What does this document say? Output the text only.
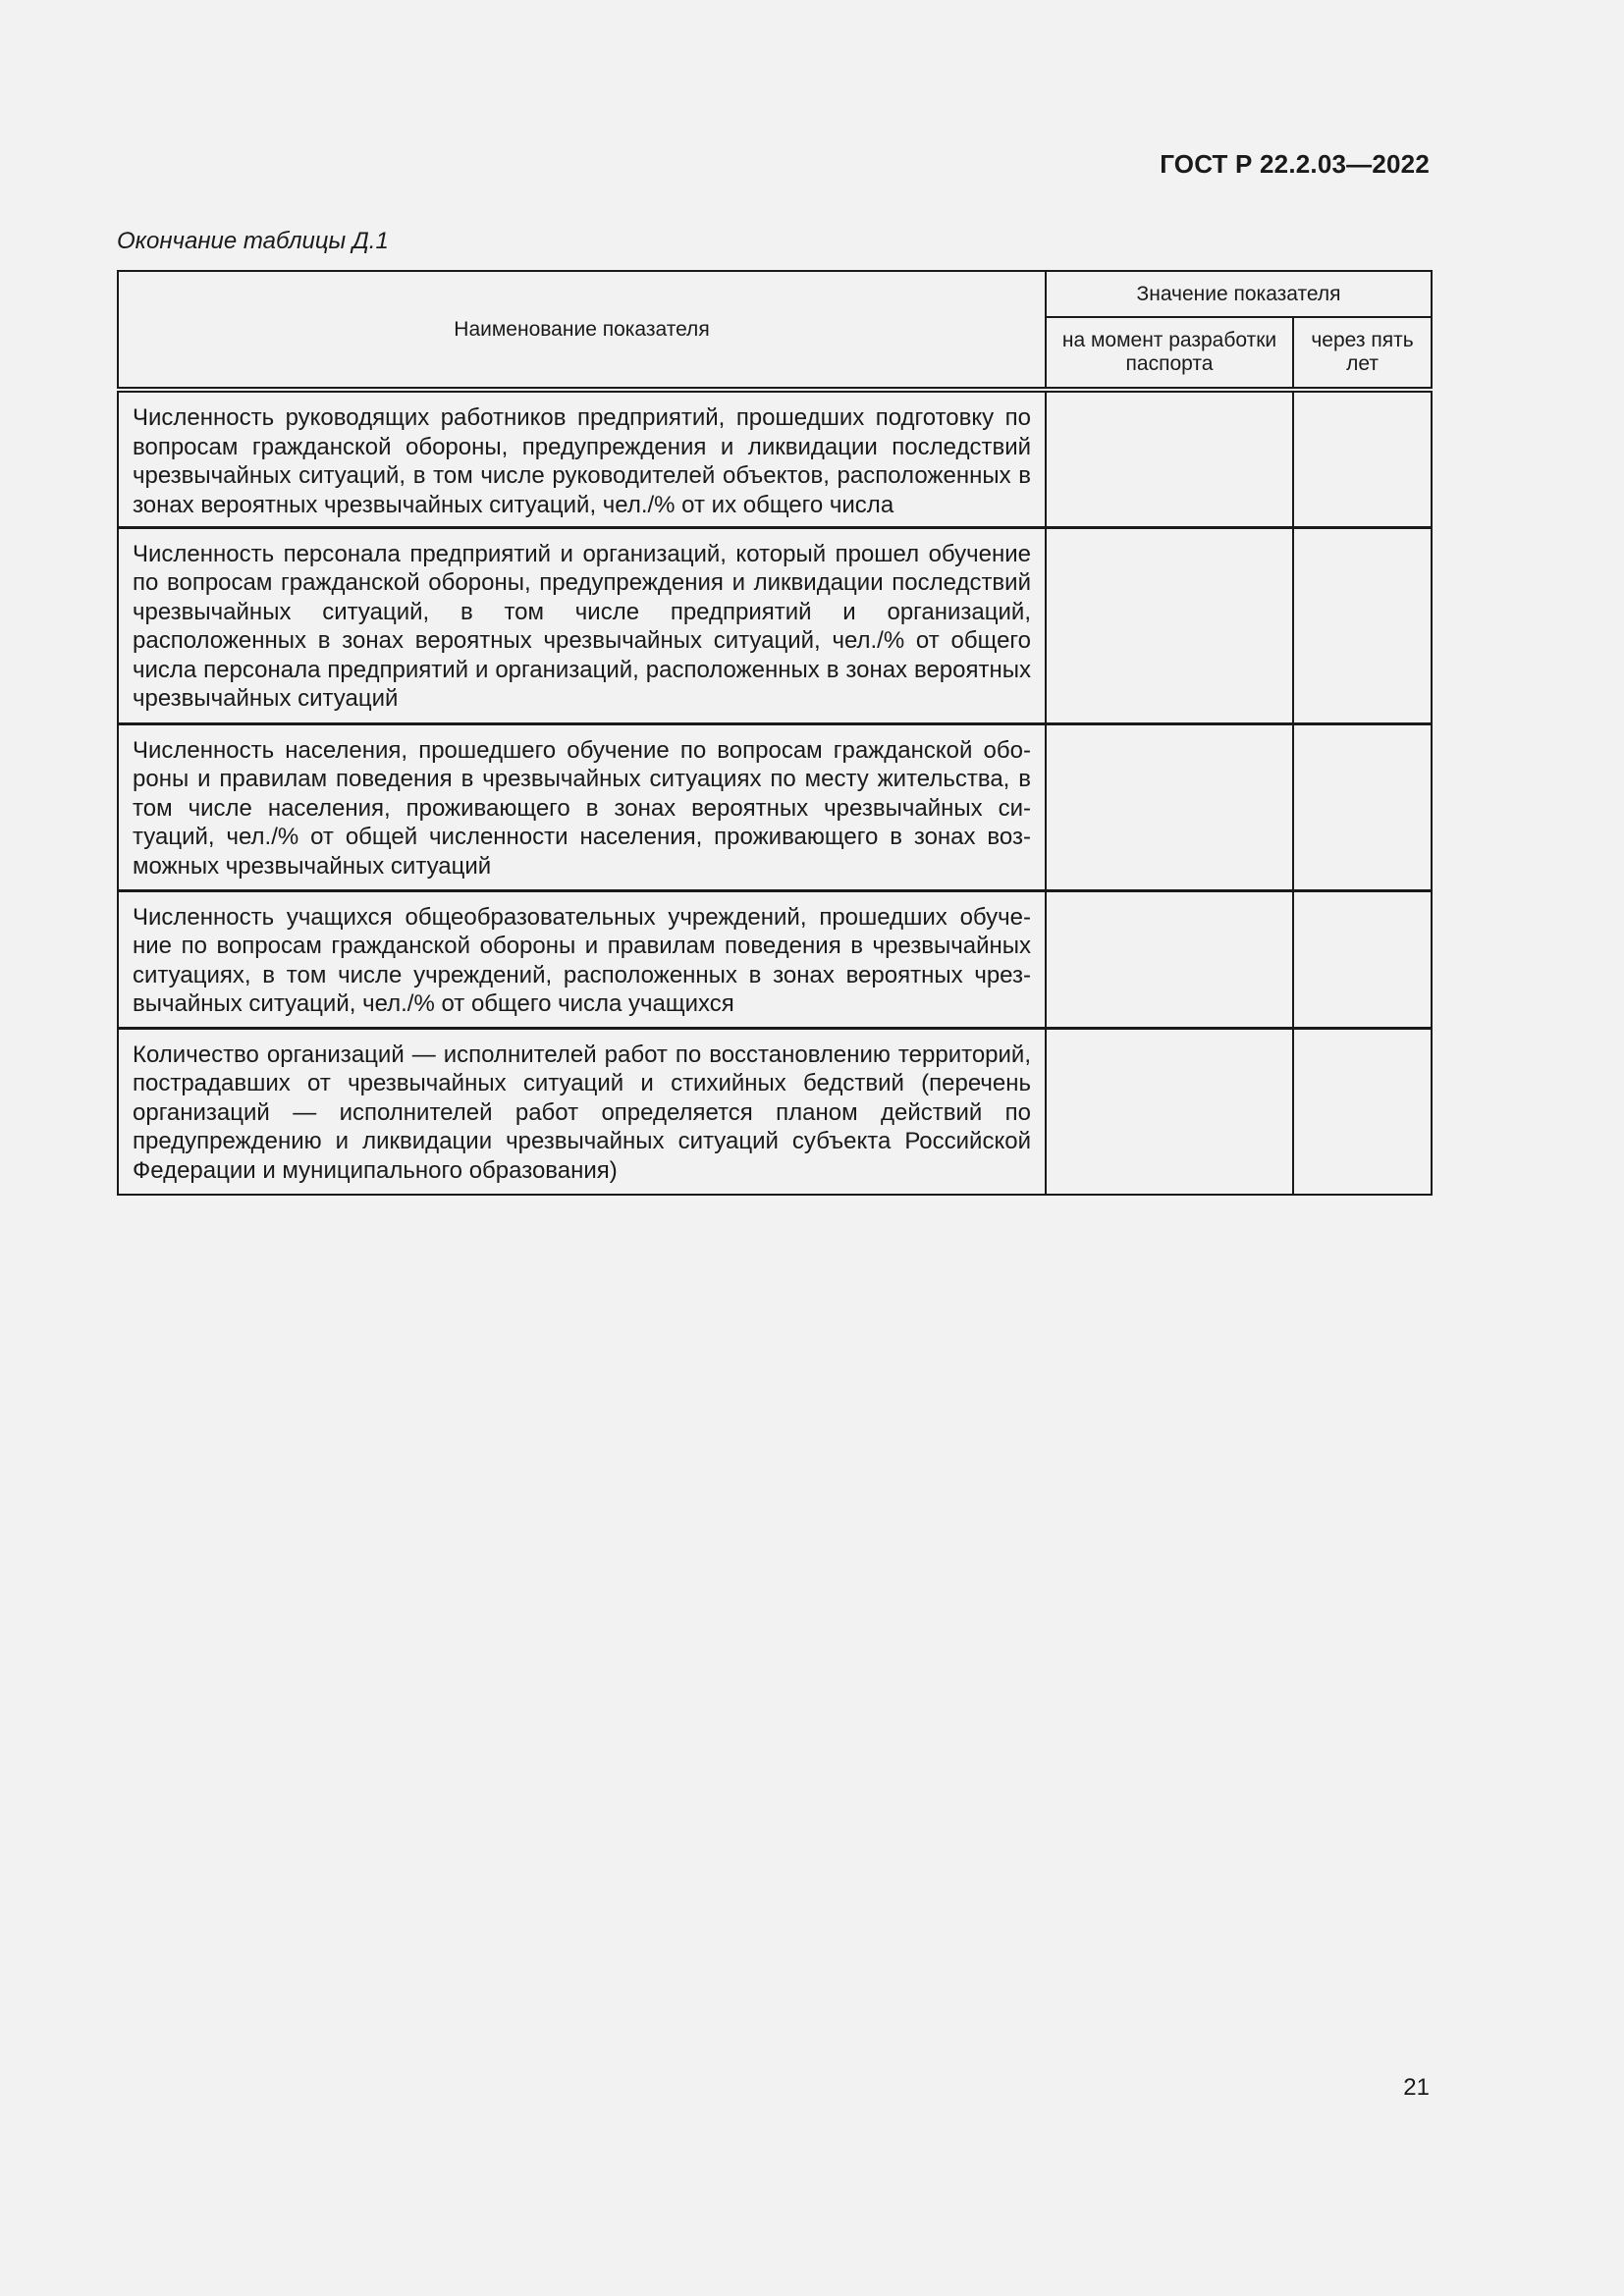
ГОСТ Р 22.2.03—2022
Окончание таблицы Д.1
Наименование показателя	Значение показателя	
	на момент разработки паспорта	через пять лет
Численность руководящих работников предприятий, прошедших подготовку по вопросам гражданской обороны, предупреждения и ликвидации последствий чрезвычайных ситуаций, в том числе руководителей объектов, расположенных в зонах вероятных чрезвычайных ситуаций, чел./% от их общего числа		
Численность персонала предприятий и организаций, который прошел обучение по вопросам гражданской обороны, предупреждения и ликвидации последствий чрезвычайных ситуаций, в том числе предприятий и организаций, расположенных в зонах вероятных чрезвычайных ситуаций, чел./% от общего числа персонала предприятий и организаций, расположенных в зонах вероятных чрезвычайных ситуаций		
Численность населения, прошедшего обучение по вопросам гражданской обороны и правилам поведения в чрезвычайных ситуациях по месту жительства, в том числе населения, проживающего в зонах вероятных чрезвычайных ситуаций, чел./% от общей численности населения, проживающего в зонах возможных чрезвычайных ситуаций		
Численность учащихся общеобразовательных учреждений, прошедших обучение по вопросам гражданской обороны и правилам поведения в чрезвычайных ситуациях, в том числе учреждений, расположенных в зонах вероятных чрезвычайных ситуаций, чел./% от общего числа учащихся		
Количество организаций — исполнителей работ по восстановлению территорий, пострадавших от чрезвычайных ситуаций и стихийных бедствий (перечень организаций — исполнителей работ определяется планом действий по предупреждению и ликвидации чрезвычайных ситуаций субъекта Российской Федерации и муниципального образования)		
21
